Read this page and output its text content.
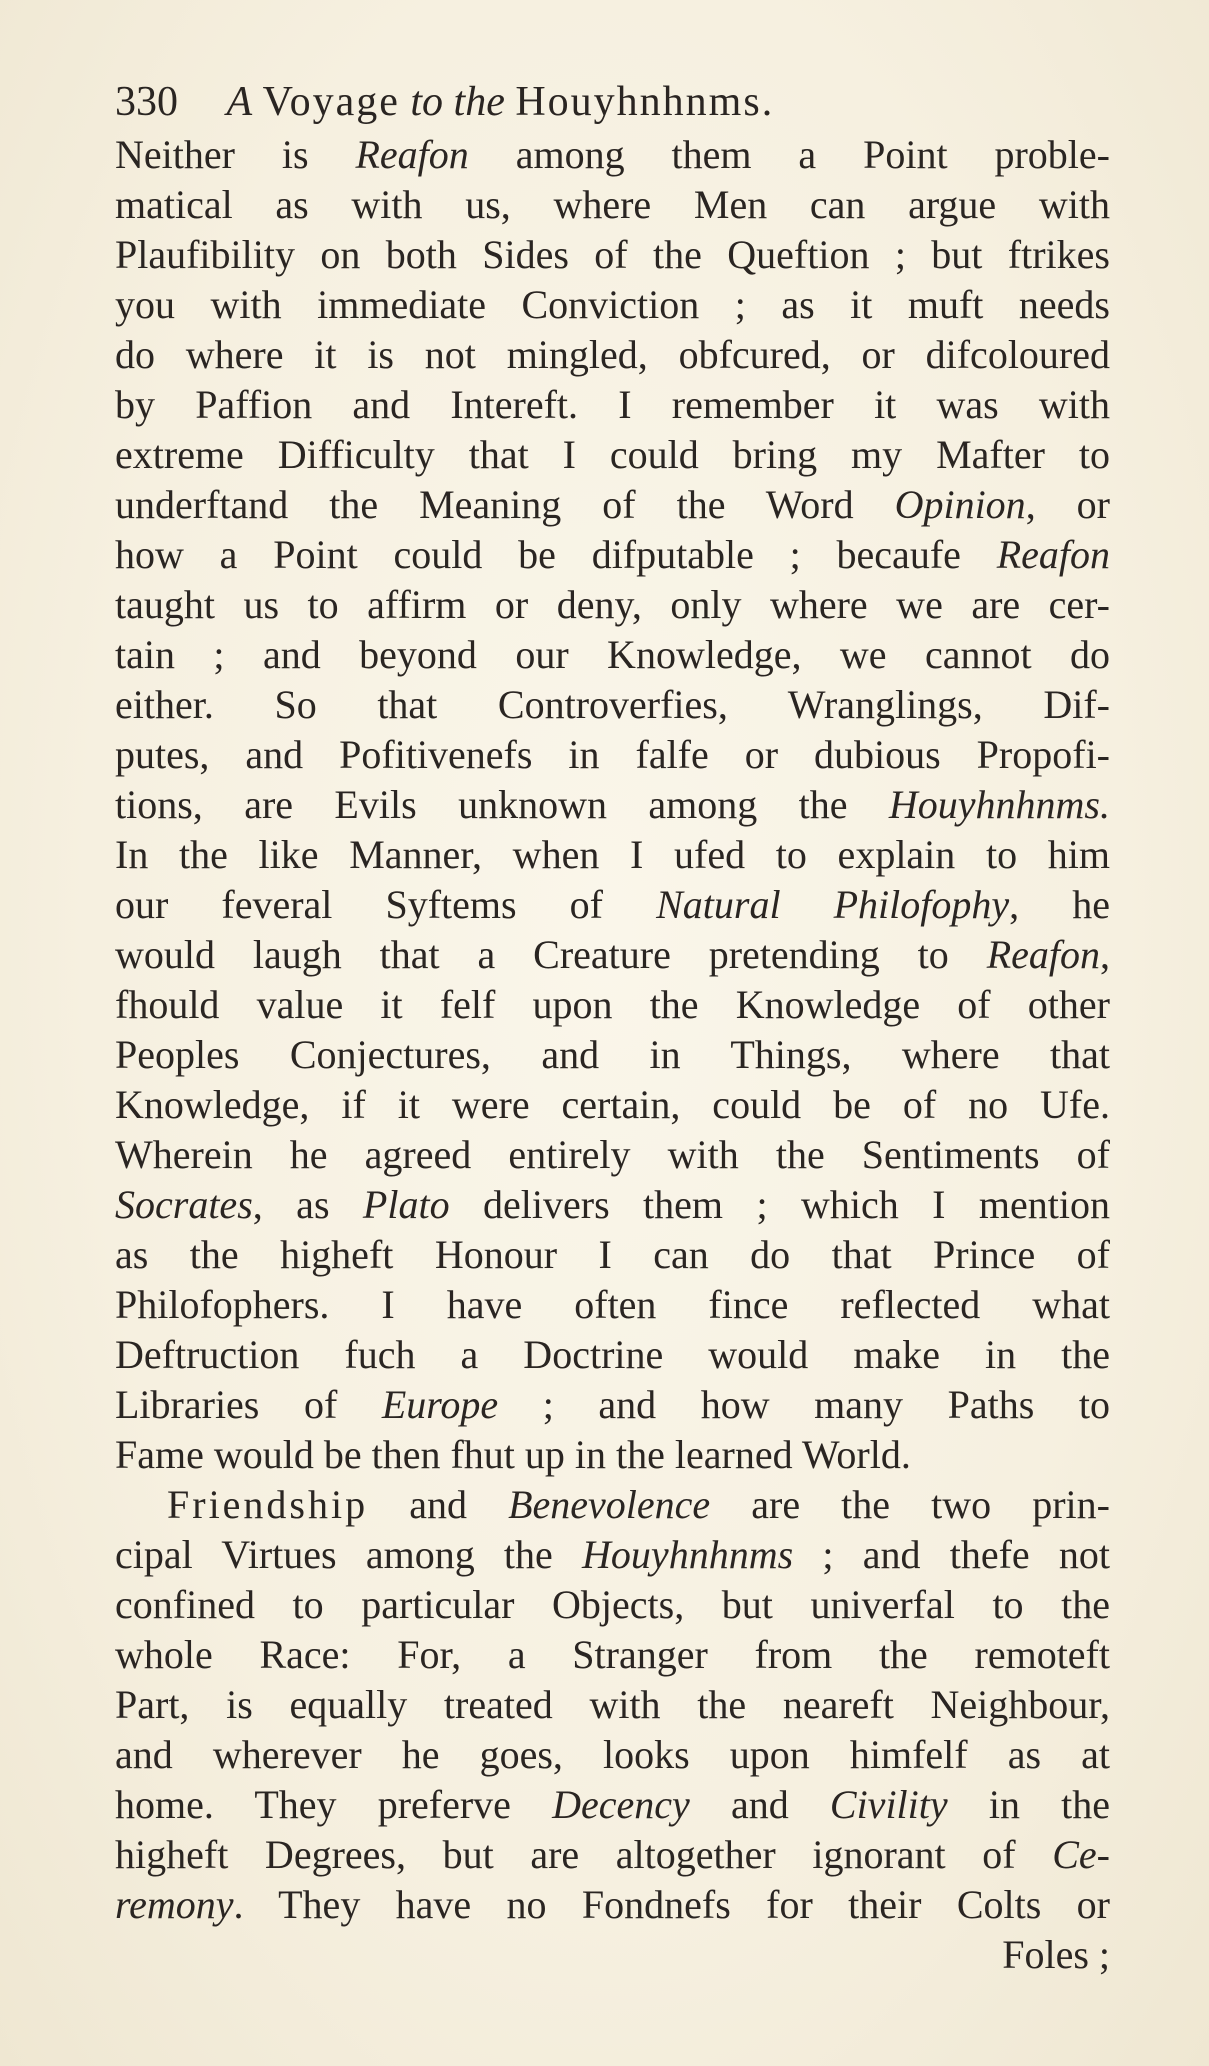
330 A Voyage to the Houyhnhnms.
Neither is Reafon among them a Point proble-
matical as with us, where Men can argue with
Plaufibility on both Sides of the Queftion ; but ftrikes
you with immediate Conviction ; as it muft needs
do where it is not mingled, obfcured, or difcoloured
by Paffion and Intereft. I remember it was with
extreme Difficulty that I could bring my Mafter to
underftand the Meaning of the Word Opinion, or
how a Point could be difputable ; becaufe Reafon
taught us to affirm or deny, only where we are cer-
tain ; and beyond our Knowledge, we cannot do
either. So that Controverfies, Wranglings, Dif-
putes, and Pofitivenefs in falfe or dubious Propofi-
tions, are Evils unknown among the Houyhnhnms.
In the like Manner, when I ufed to explain to him
our feveral Syftems of Natural Philofophy, he
would laugh that a Creature pretending to Reafon,
fhould value it felf upon the Knowledge of other
Peoples Conjectures, and in Things, where that
Knowledge, if it were certain, could be of no Ufe.
Wherein he agreed entirely with the Sentiments of
Socrates, as Plato delivers them ; which I mention
as the higheft Honour I can do that Prince of
Philofophers. I have often fince reflected what
Deftruction fuch a Doctrine would make in the
Libraries of Europe ; and how many Paths to
Fame would be then fhut up in the learned World.
Friendship and Benevolence are the two prin-
cipal Virtues among the Houyhnhnms ; and thefe not
confined to particular Objects, but univerfal to the
whole Race: For, a Stranger from the remoteft
Part, is equally treated with the neareft Neighbour,
and wherever he goes, looks upon himfelf as at
home. They preferve Decency and Civility in the
higheft Degrees, but are altogether ignorant of Ce-
remony. They have no Fondnefs for their Colts or
Foles ;
